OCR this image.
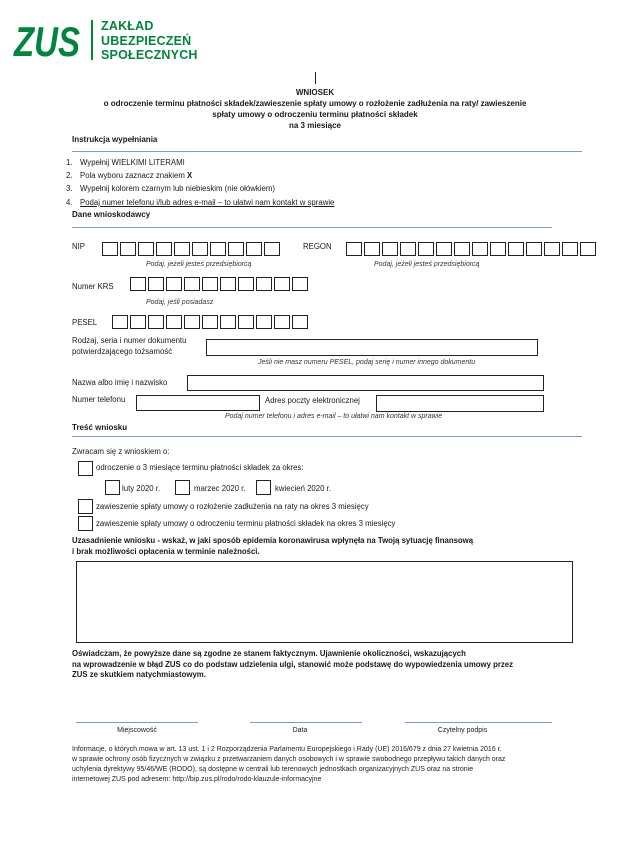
ZUS ZAKŁAD
UBEZPIECZEŃ
SPOŁECZNYCH
WNIOSEK
o odroczenie terminu płatności składek/zawieszenie spłaty umowy o rozłożenie zadłużenia na raty/ zawieszenie
spłaty umowy o odroczeniu terminu płatności składek
na 3 miesiące
Instrukcja wypełniania
1. Wypełnij WIELKIMI LITERAMI
2. Pola wyboru zaznacz znakiem X
3. Wypełnij kolorem czarnym lub niebieskim (nie ołówkiem)
4. Podaj numer telefonu i/lub adres e-mail – to ułatwi nam kontakt w sprawie
Dane wnioskodawcy
NIP	REGON
Podaj, jeżeli jesteś przedsiębiorcą	Podaj, jeżeli jesteś przedsiębiorcą
Numer KRS
Podaj, jeśli posiadasz
PESEL
Rodzaj, seria i numer dokumentu
potwierdzającego tożsamość
Jeśli nie masz numeru PESEL, podaj serię i numer innego dokumentu
Nazwa albo imię i nazwisko
Numer telefonu	Adres poczty elektronicznej
Podaj numer telefonu i adres e-mail – to ułatwi nam kontakt w sprawie
Treść wniosku
Zwracam się z wnioskiem o:
odroczenie o 3 miesiące terminu płatności składek za okres:
luty 2020 r.	marzec 2020 r.	kwiecień 2020 r.
zawieszenie spłaty umowy o rozłożenie zadłużenia na raty na okres 3 miesięcy
zawieszenie spłaty umowy o odroczeniu terminu płatności składek na okres 3 miesięcy
Uzasadnienie wniosku - wskaż, w jaki sposób epidemia koronawirusa wpłynęła na Twoją sytuację finansową
i brak możliwości opłacenia w terminie należności.
Oświadczam, że powyższe dane są zgodne ze stanem faktycznym. Ujawnienie okoliczności, wskazujących
na wprowadzenie w błąd ZUS co do podstaw udzielenia ulgi, stanowić może podstawę do wypowiedzenia umowy przez
ZUS ze skutkiem natychmiastowym.
Miejscowość	Data	Czytelny podpis
Informacje, o których mowa w art. 13 ust. 1 i 2 Rozporządzenia Parlamentu Europejskiego i Rady (UE) 2016/679 z dnia 27 kwietnia 2016 r.
w sprawie ochrony osób fizycznych w związku z przetwarzaniem danych osobowych i w sprawie swobodnego przepływu takich danych oraz
uchylenia dyrektywy 95/46/WE (RODO), są dostępne w centrali lub terenowych jednostkach organizacyjnych ZUS oraz na stronie
internetowej ZUS pod adresem: http://bip.zus.pl/rodo/rodo-klauzule-informacyjne
